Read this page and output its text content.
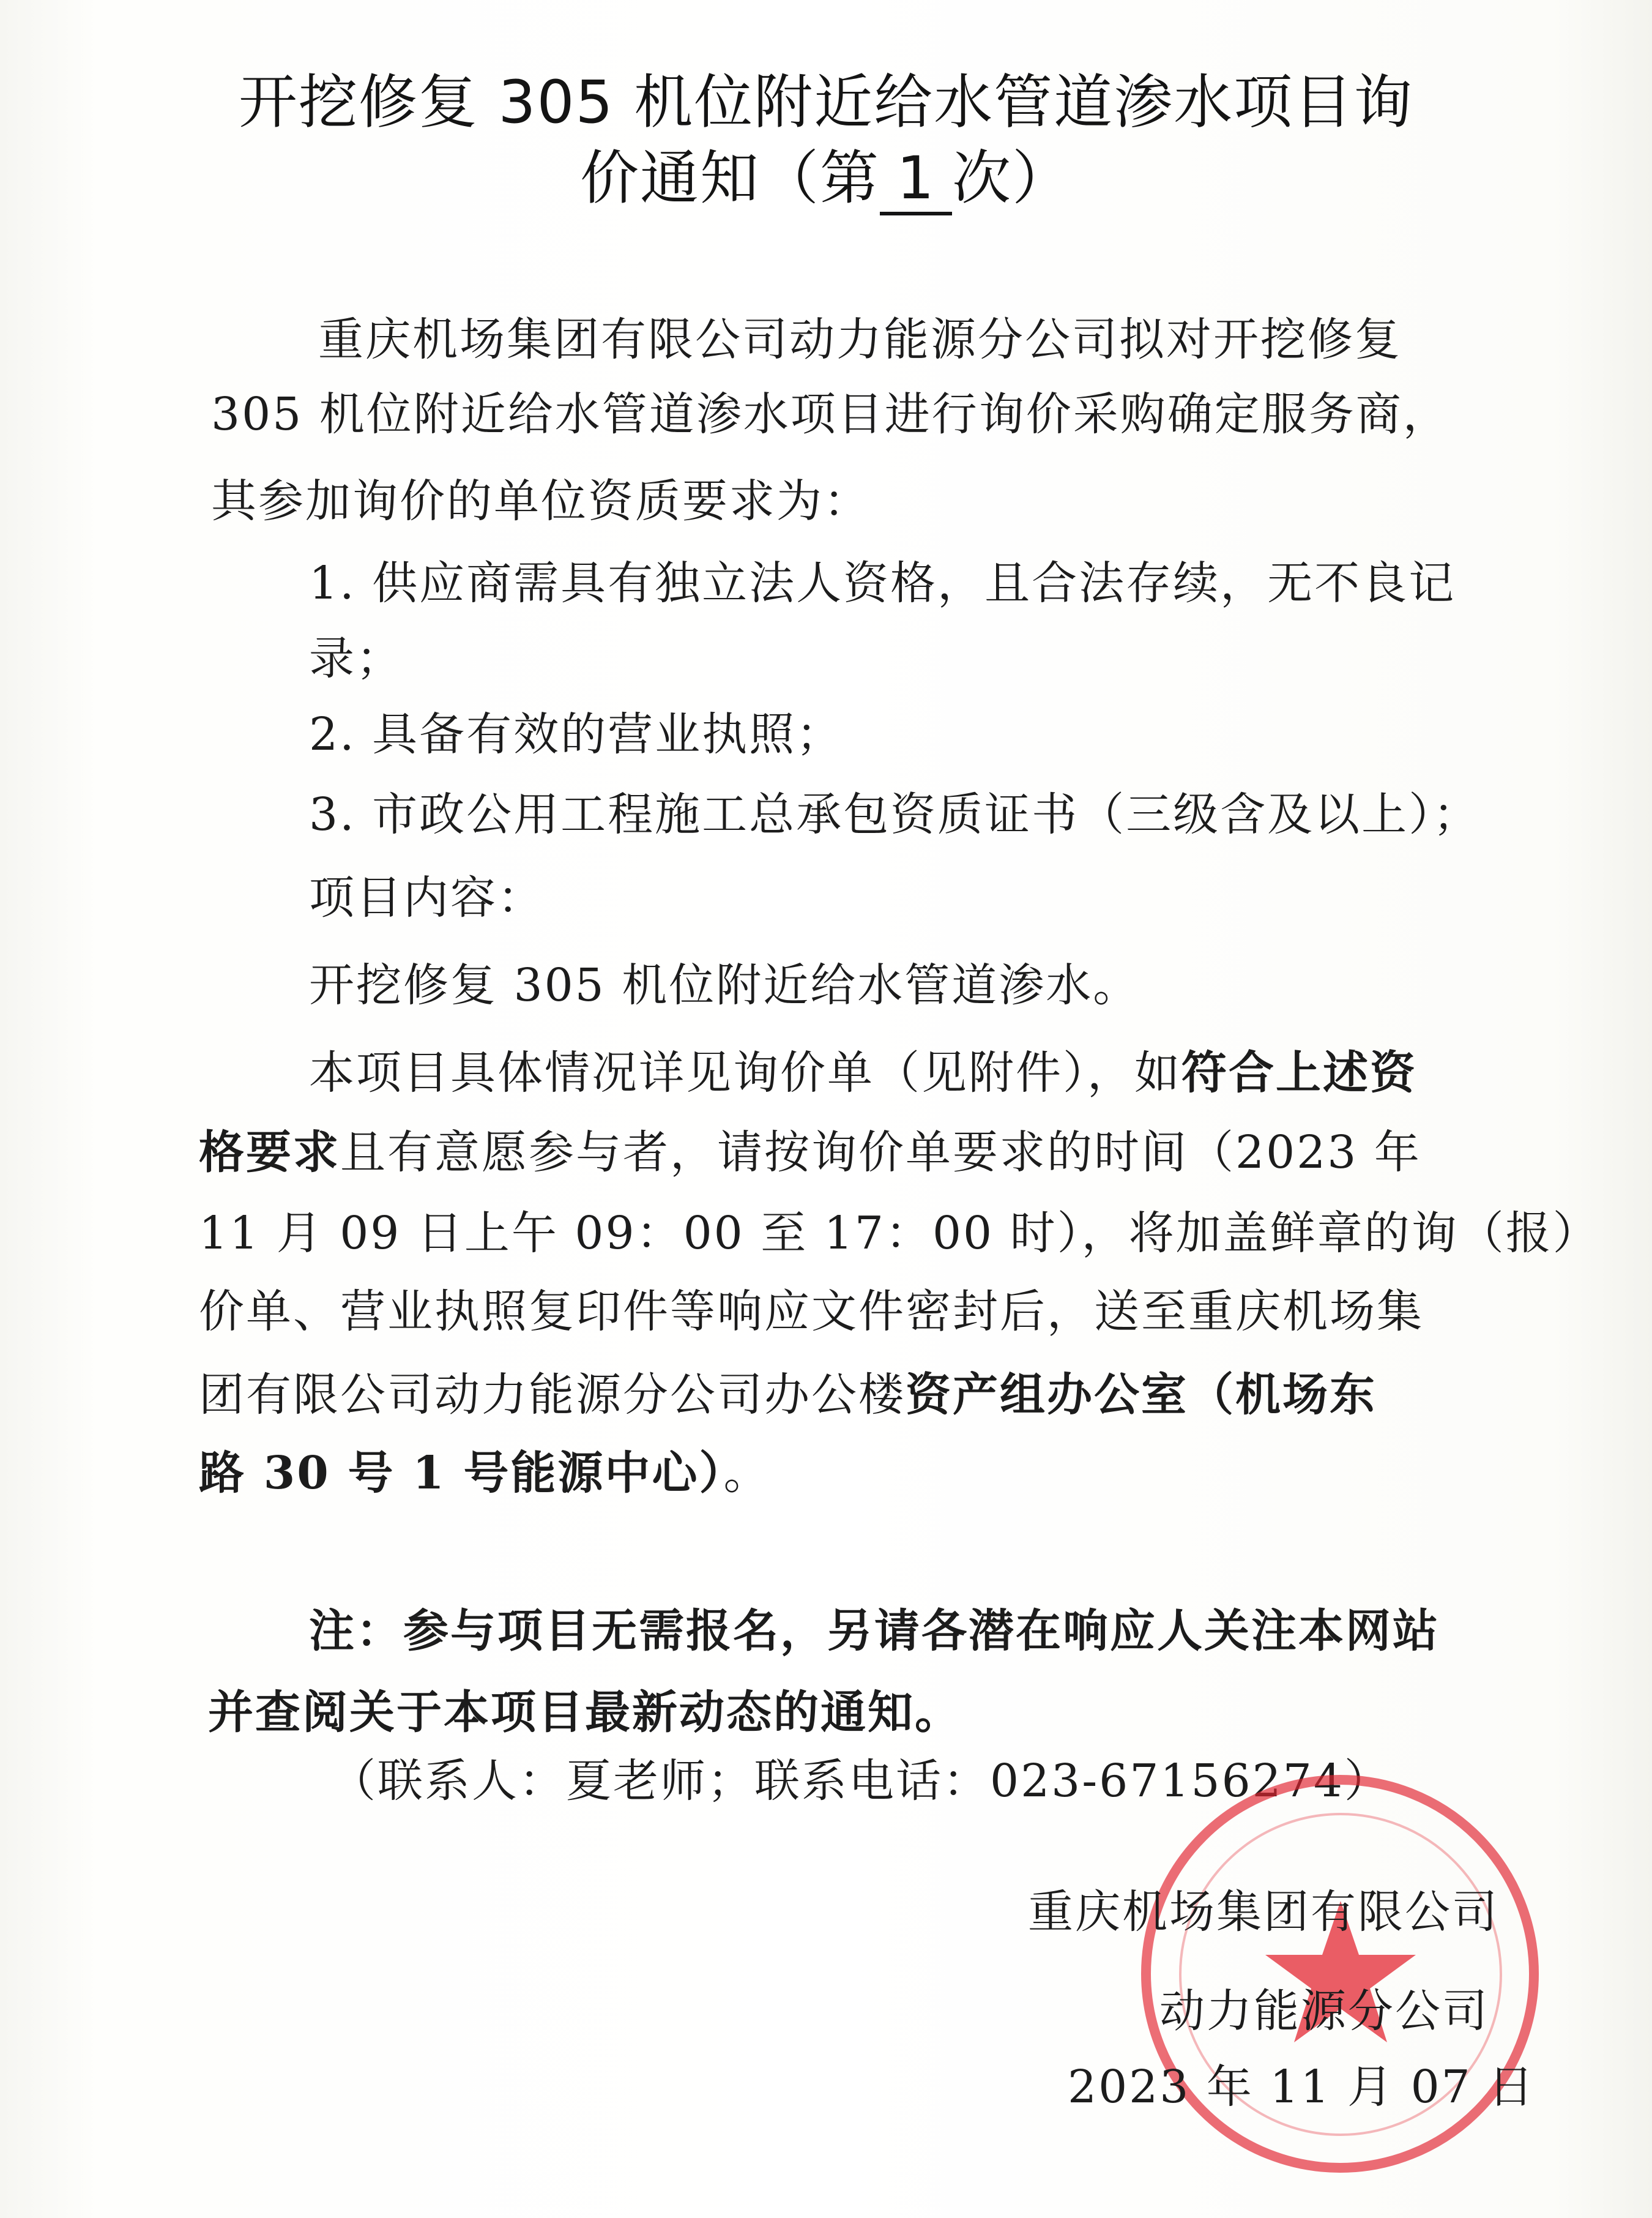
开挖修复 305 机位附近给水管道渗水项目询
价通知（第 1 次）
重庆机场集团有限公司动力能源分公司拟对开挖修复
305 机位附近给水管道渗水项目进行询价采购确定服务商，
其参加询价的单位资质要求为：
1. 供应商需具有独立法人资格，且合法存续，无不良记
录；
2. 具备有效的营业执照；
3. 市政公用工程施工总承包资质证书（三级含及以上）；
项目内容：
开挖修复 305 机位附近给水管道渗水。
本项目具体情况详见询价单（见附件），如符合上述资
格要求且有意愿参与者，请按询价单要求的时间（2023 年
11 月 09 日上午 09：00 至 17：00 时），将加盖鲜章的询（报）
价单、营业执照复印件等响应文件密封后，送至重庆机场集
团有限公司动力能源分公司办公楼资产组办公室（机场东
路 30 号 1 号能源中心）。
注：参与项目无需报名，另请各潜在响应人关注本网站
并查阅关于本项目最新动态的通知。
（联系人：夏老师；联系电话：023-67156274）
重庆机场集团有限公司
动力能源分公司
2023 年 11 月 07 日
